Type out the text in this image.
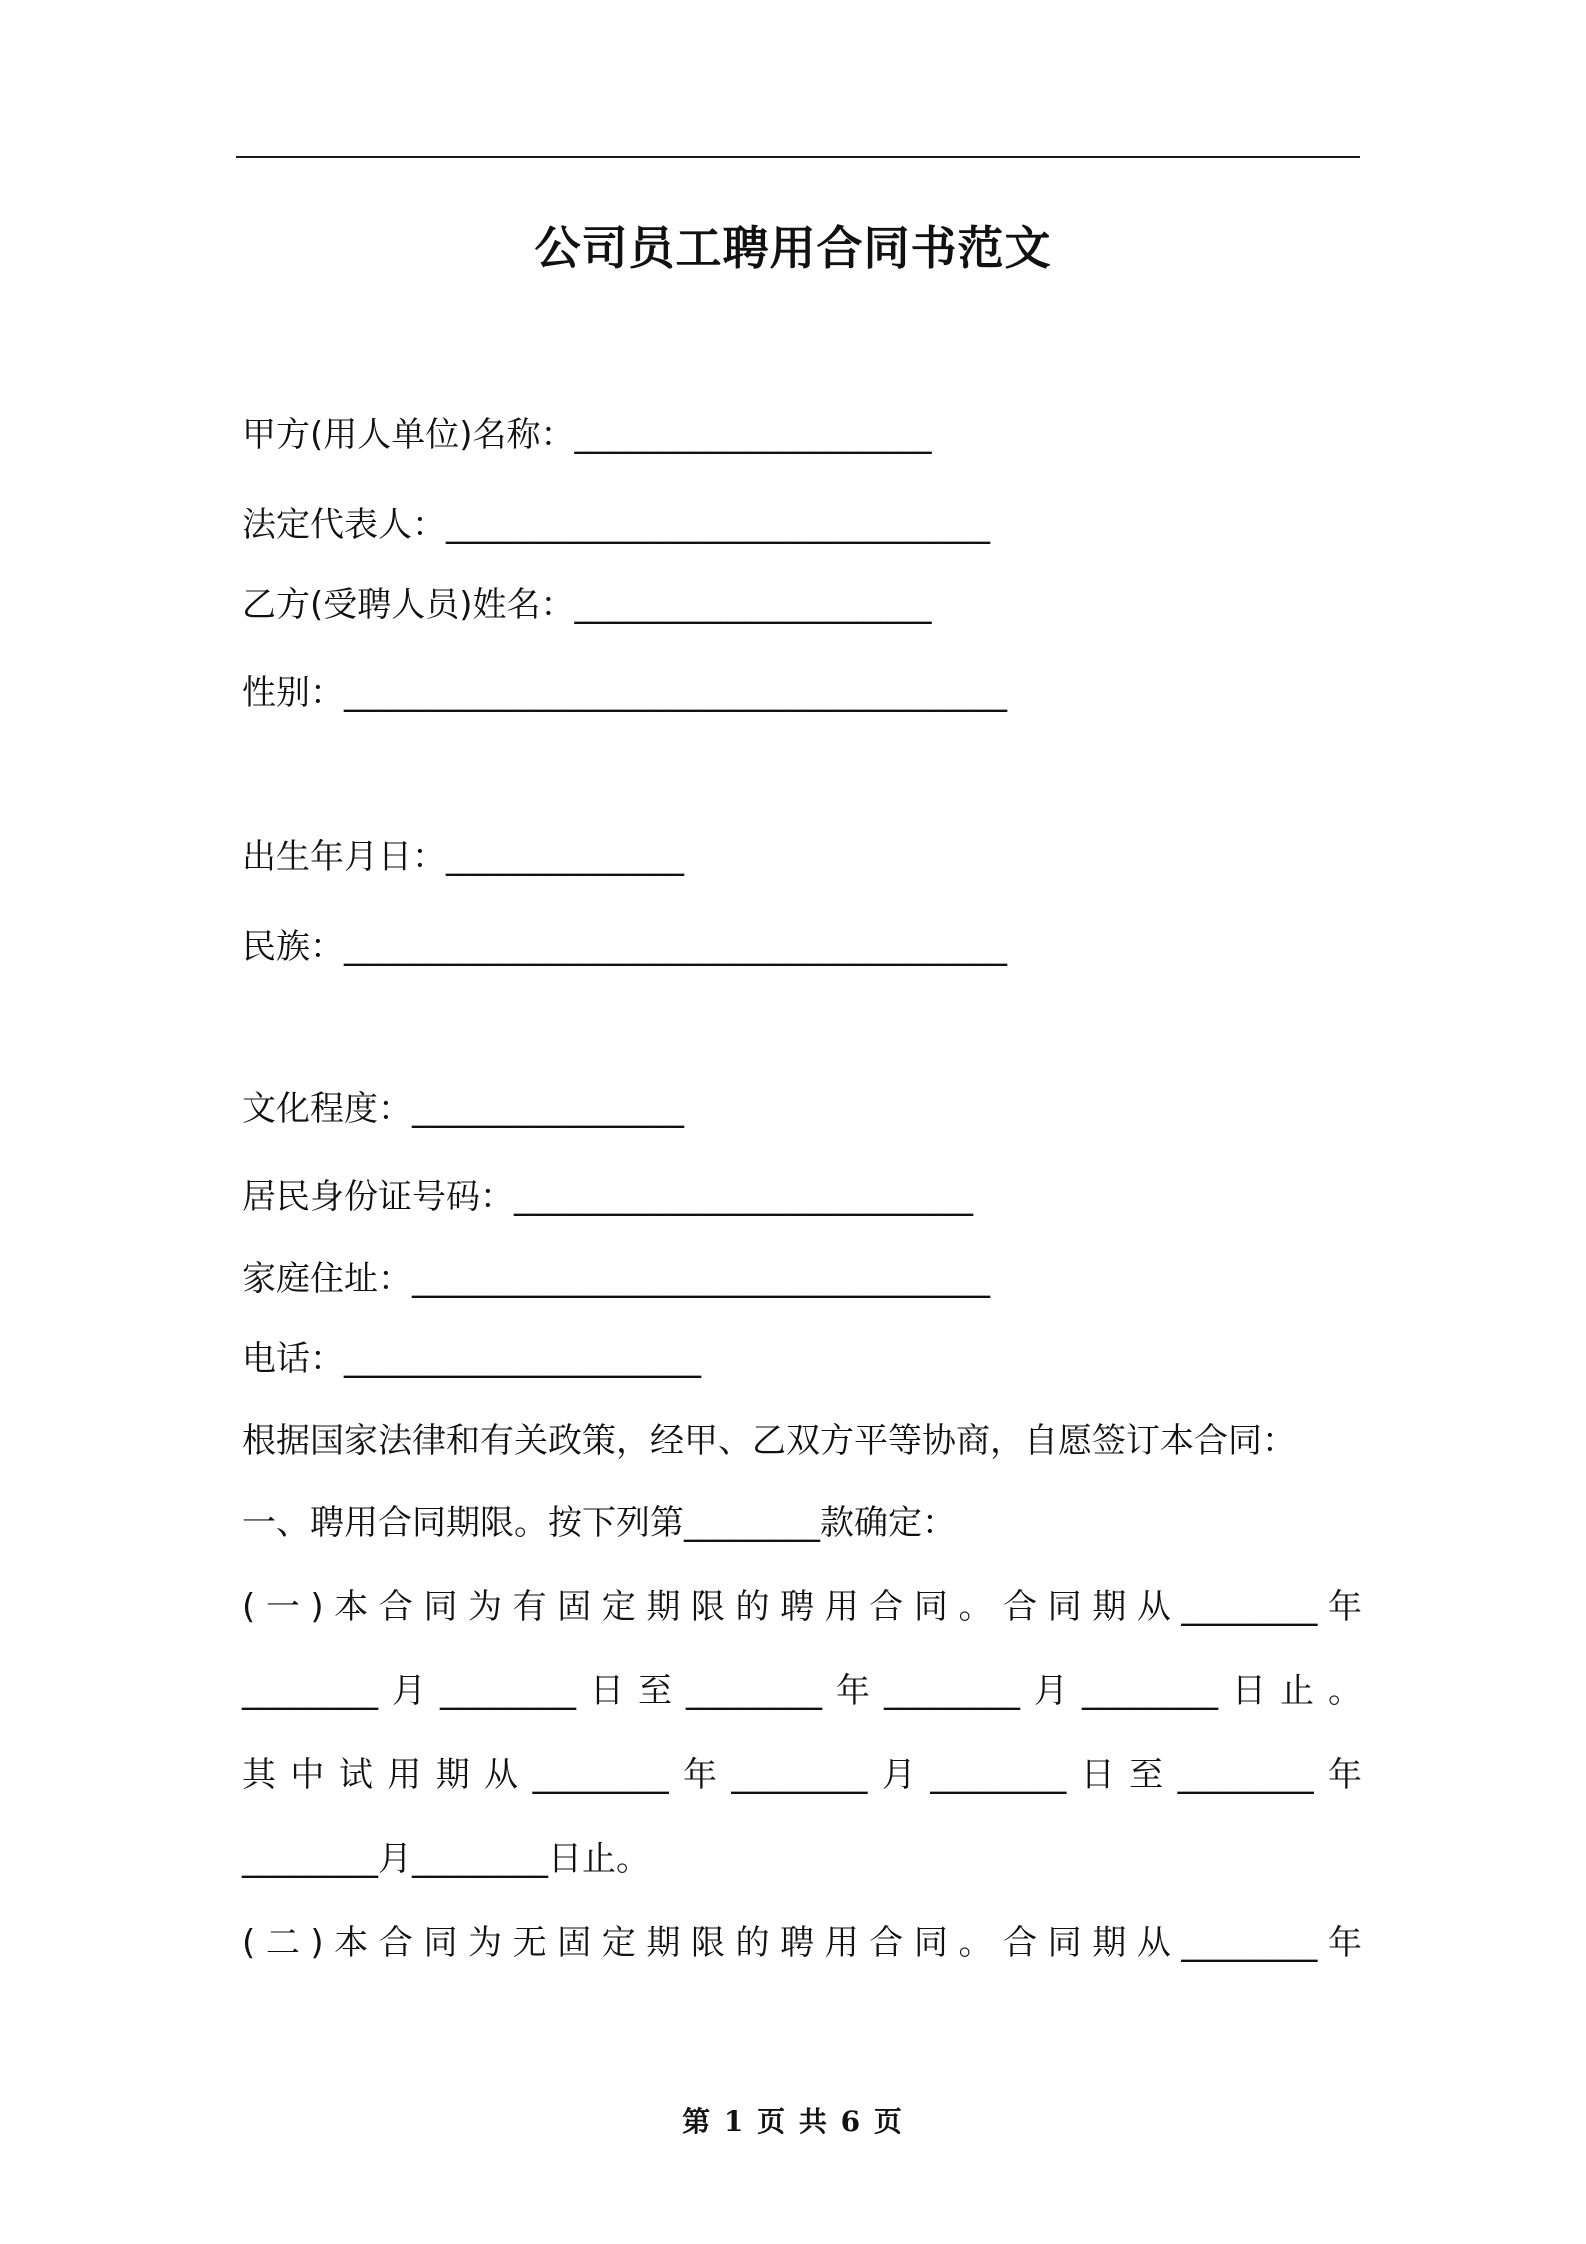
公司员工聘用合同书范文
甲方(用人单位)名称：_____________________
法定代表人：________________________________
乙方(受聘人员)姓名：_____________________
性别：_______________________________________
出生年月日：______________
民族：_______________________________________
文化程度：________________
居民身份证号码：___________________________
家庭住址：__________________________________
电话：_____________________
根据国家法律和有关政策，经甲、乙双方平等协商，自愿签订本合同：
一、聘用合同期限。按下列第________款确定：
(一)本合同为有固定期限的聘用合同。合同期从________年
________月________日至________年________月________日止。
其中试用期从________年________月________日至________年
________月________日止。
(二)本合同为无固定期限的聘用合同。合同期从________年
第 1 页 共 6 页
